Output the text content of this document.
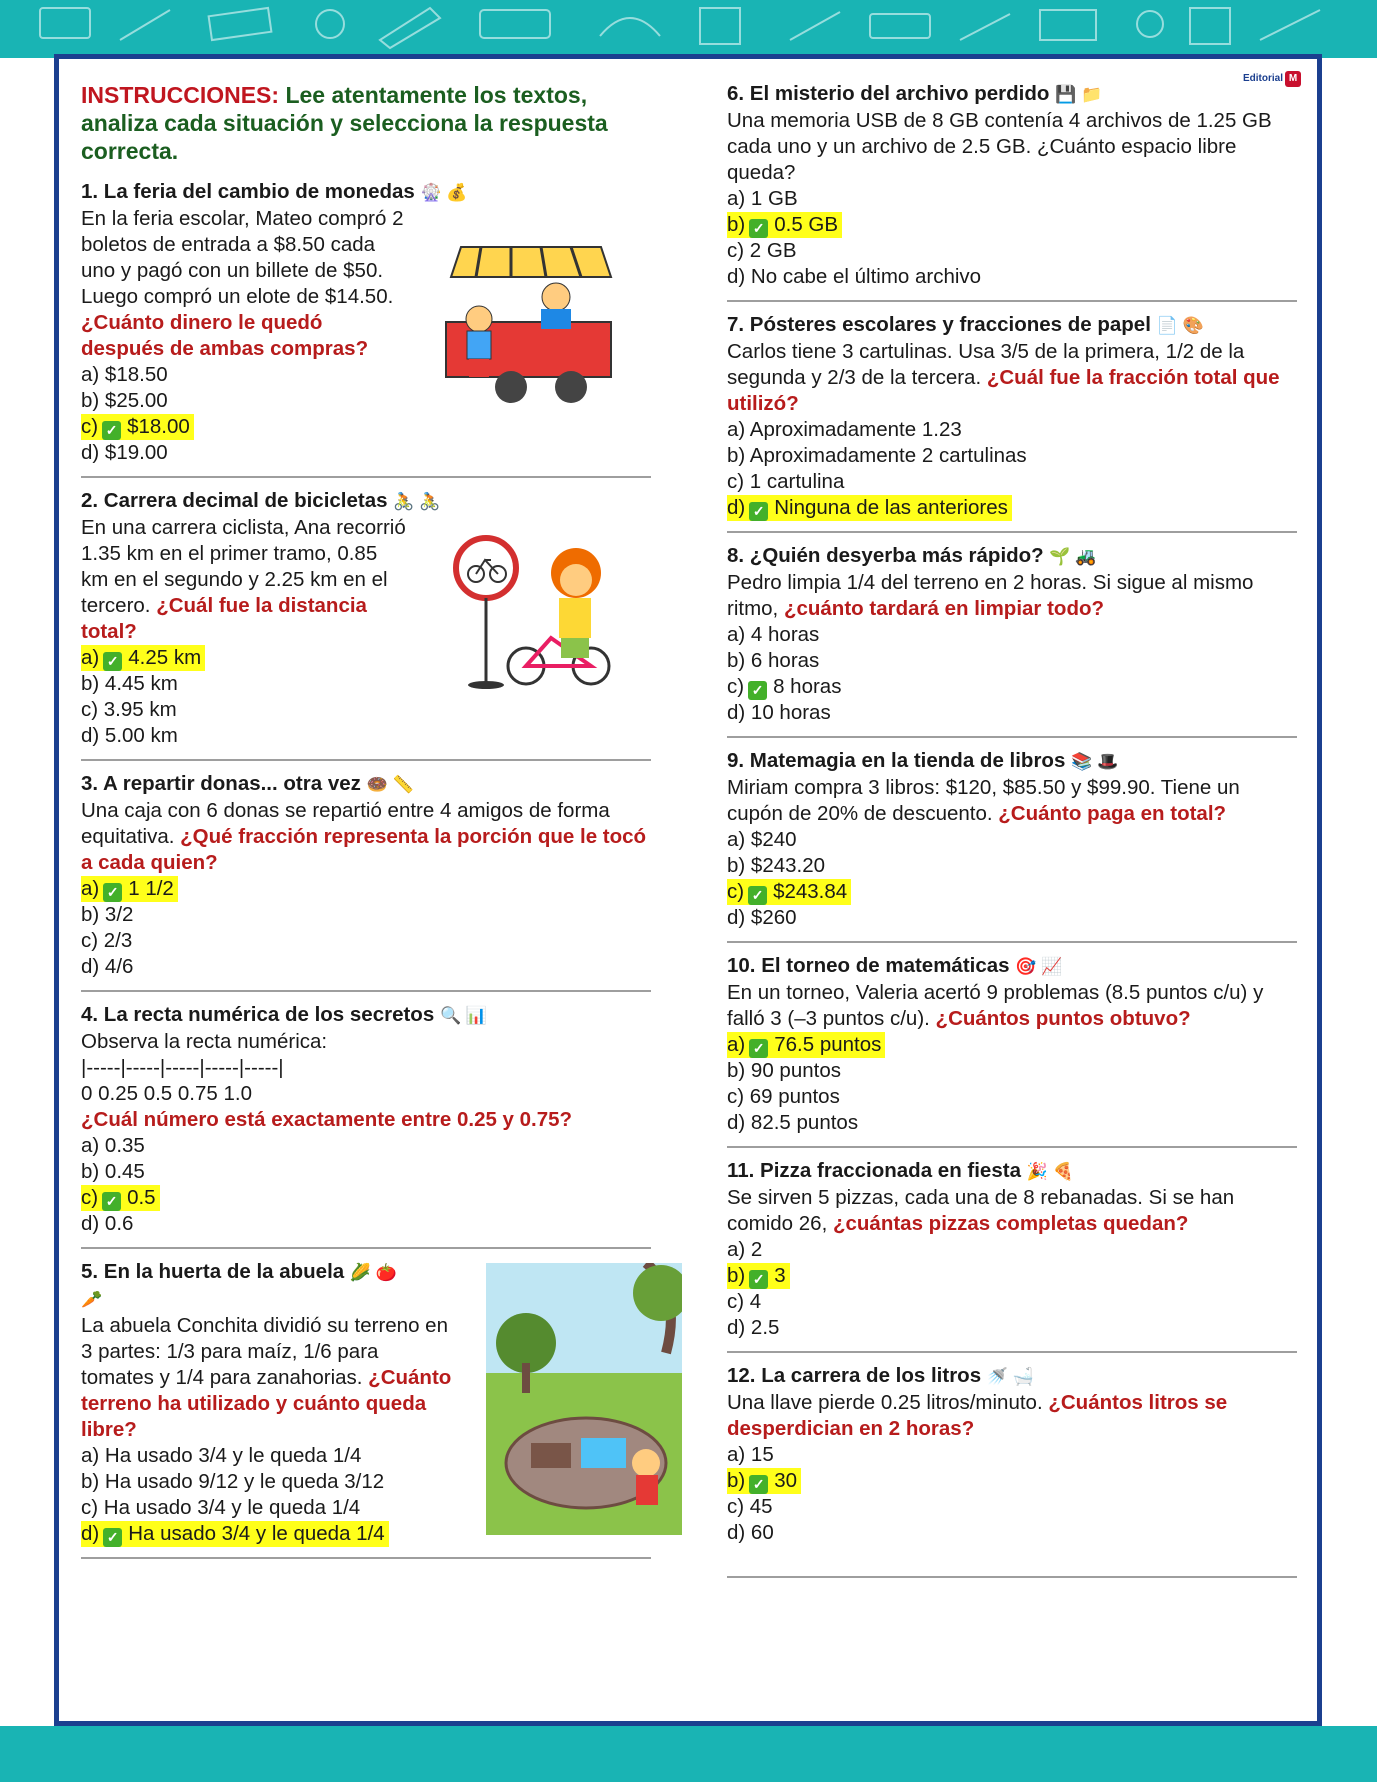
Editorial M
INSTRUCCIONES: Lee atentamente los textos, analiza cada situación y selecciona la respuesta correcta.
1. La feria del cambio de monedas 🎡 💰
En la feria escolar, Mateo compró 2 boletos de entrada a $8.50 cada uno y pagó con un billete de $50. Luego compró un elote de $14.50. ¿Cuánto dinero le quedó después de ambas compras?
a) $18.50
b) $25.00
c) ✓ $18.00
d) $19.00
2. Carrera decimal de bicicletas 🚴 🚴
En una carrera ciclista, Ana recorrió 1.35 km en el primer tramo, 0.85 km en el segundo y 2.25 km en el tercero. ¿Cuál fue la distancia total?
a) ✓ 4.25 km
b) 4.45 km
c) 3.95 km
d) 5.00 km
3. A repartir donas... otra vez 🍩 📏
Una caja con 6 donas se repartió entre 4 amigos de forma equitativa. ¿Qué fracción representa la porción que le tocó a cada quien?
a) ✓ 1 1/2
b) 3/2
c) 2/3
d) 4/6
4. La recta numérica de los secretos 🔍 📊
Observa la recta numérica:
|-----|-----|-----|-----|-----|
0 0.25 0.5 0.75 1.0
¿Cuál número está exactamente entre 0.25 y 0.75?
a) 0.35
b) 0.45
c) ✓ 0.5
d) 0.6
5. En la huerta de la abuela 🌽 🍅 🥕
La abuela Conchita dividió su terreno en 3 partes: 1/3 para maíz, 1/6 para tomates y 1/4 para zanahorias. ¿Cuánto terreno ha utilizado y cuánto queda libre?
a) Ha usado 3/4 y le queda 1/4
b) Ha usado 9/12 y le queda 3/12
c) Ha usado 3/4 y le queda 1/4
d) ✓ Ha usado 3/4 y le queda 1/4
6. El misterio del archivo perdido 💾 📁
Una memoria USB de 8 GB contenía 4 archivos de 1.25 GB cada uno y un archivo de 2.5 GB. ¿Cuánto espacio libre queda?
a) 1 GB
b) ✓ 0.5 GB
c) 2 GB
d) No cabe el último archivo
7. Pósteres escolares y fracciones de papel 📄 🎨
Carlos tiene 3 cartulinas. Usa 3/5 de la primera, 1/2 de la segunda y 2/3 de la tercera. ¿Cuál fue la fracción total que utilizó?
a) Aproximadamente 1.23
b) Aproximadamente 2 cartulinas
c) 1 cartulina
d) ✓ Ninguna de las anteriores
8. ¿Quién desyerba más rápido? 🌱 🚜
Pedro limpia 1/4 del terreno en 2 horas. Si sigue al mismo ritmo, ¿cuánto tardará en limpiar todo?
a) 4 horas
b) 6 horas
c) ✓ 8 horas
d) 10 horas
9. Matemagia en la tienda de libros 📚 🎩
Miriam compra 3 libros: $120, $85.50 y $99.90. Tiene un cupón de 20% de descuento. ¿Cuánto paga en total?
a) $240
b) $243.20
c) ✓ $243.84
d) $260
10. El torneo de matemáticas 🎯 📈
En un torneo, Valeria acertó 9 problemas (8.5 puntos c/u) y falló 3 (–3 puntos c/u). ¿Cuántos puntos obtuvo?
a) ✓ 76.5 puntos
b) 90 puntos
c) 69 puntos
d) 82.5 puntos
11. Pizza fraccionada en fiesta 🎉 🍕
Se sirven 5 pizzas, cada una de 8 rebanadas. Si se han comido 26, ¿cuántas pizzas completas quedan?
a) 2
b) ✓ 3
c) 4
d) 2.5
12. La carrera de los litros 🚿 🛁
Una llave pierde 0.25 litros/minuto. ¿Cuántos litros se desperdician en 2 horas?
a) 15
b) ✓ 30
c) 45
d) 60
